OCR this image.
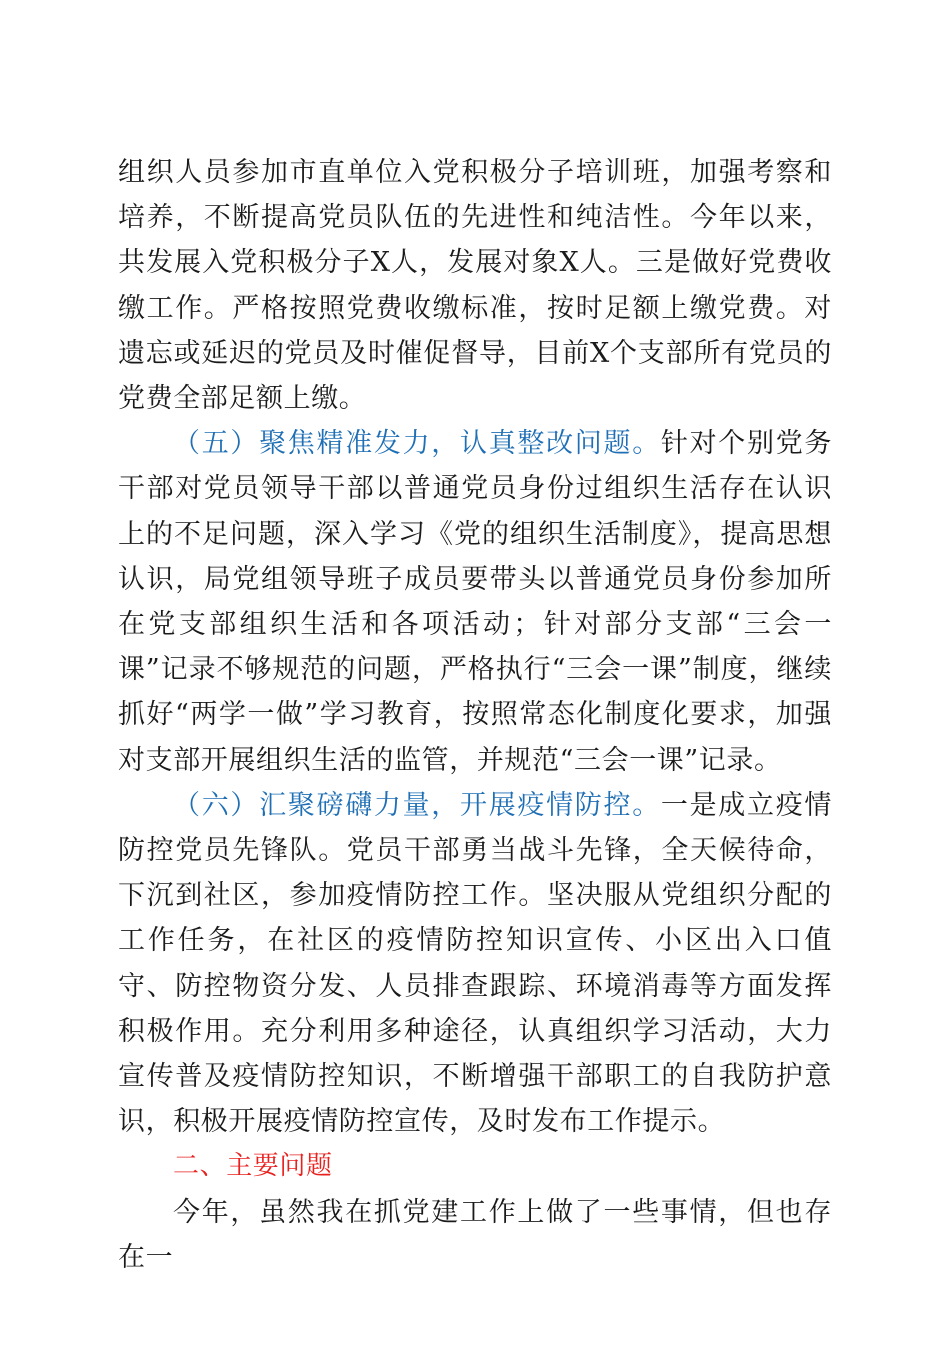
组织人员参加市直单位入党积极分子培训班，加强考察和培养，不断提高党员队伍的先进性和纯洁性。今年以来，共发展入党积极分子X人，发展对象X人。三是做好党费收缴工作。严格按照党费收缴标准，按时足额上缴党费。对遗忘或延迟的党员及时催促督导，目前X个支部所有党员的党费全部足额上缴。

（五）聚焦精准发力，认真整改问题。针对个别党务干部对党员领导干部以普通党员身份过组织生活存在认识上的不足问题，深入学习《党的组织生活制度》，提高思想认识，局党组领导班子成员要带头以普通党员身份参加所在党支部组织生活和各项活动；针对部分支部“三会一课”记录不够规范的问题，严格执行“三会一课”制度，继续抓好“两学一做”学习教育，按照常态化制度化要求，加强对支部开展组织生活的监管，并规范“三会一课”记录。

（六）汇聚磅礴力量，开展疫情防控。一是成立疫情防控党员先锋队。党员干部勇当战斗先锋，全天候待命，下沉到社区，参加疫情防控工作。坚决服从党组织分配的工作任务，在社区的疫情防控知识宣传、小区出入口值守、防控物资分发、人员排查跟踪、环境消毒等方面发挥积极作用。充分利用多种途径，认真组织学习活动，大力宣传普及疫情防控知识，不断增强干部职工的自我防护意识，积极开展疫情防控宣传，及时发布工作提示。

二、主要问题

今年，虽然我在抓党建工作上做了一些事情，但也存在一
